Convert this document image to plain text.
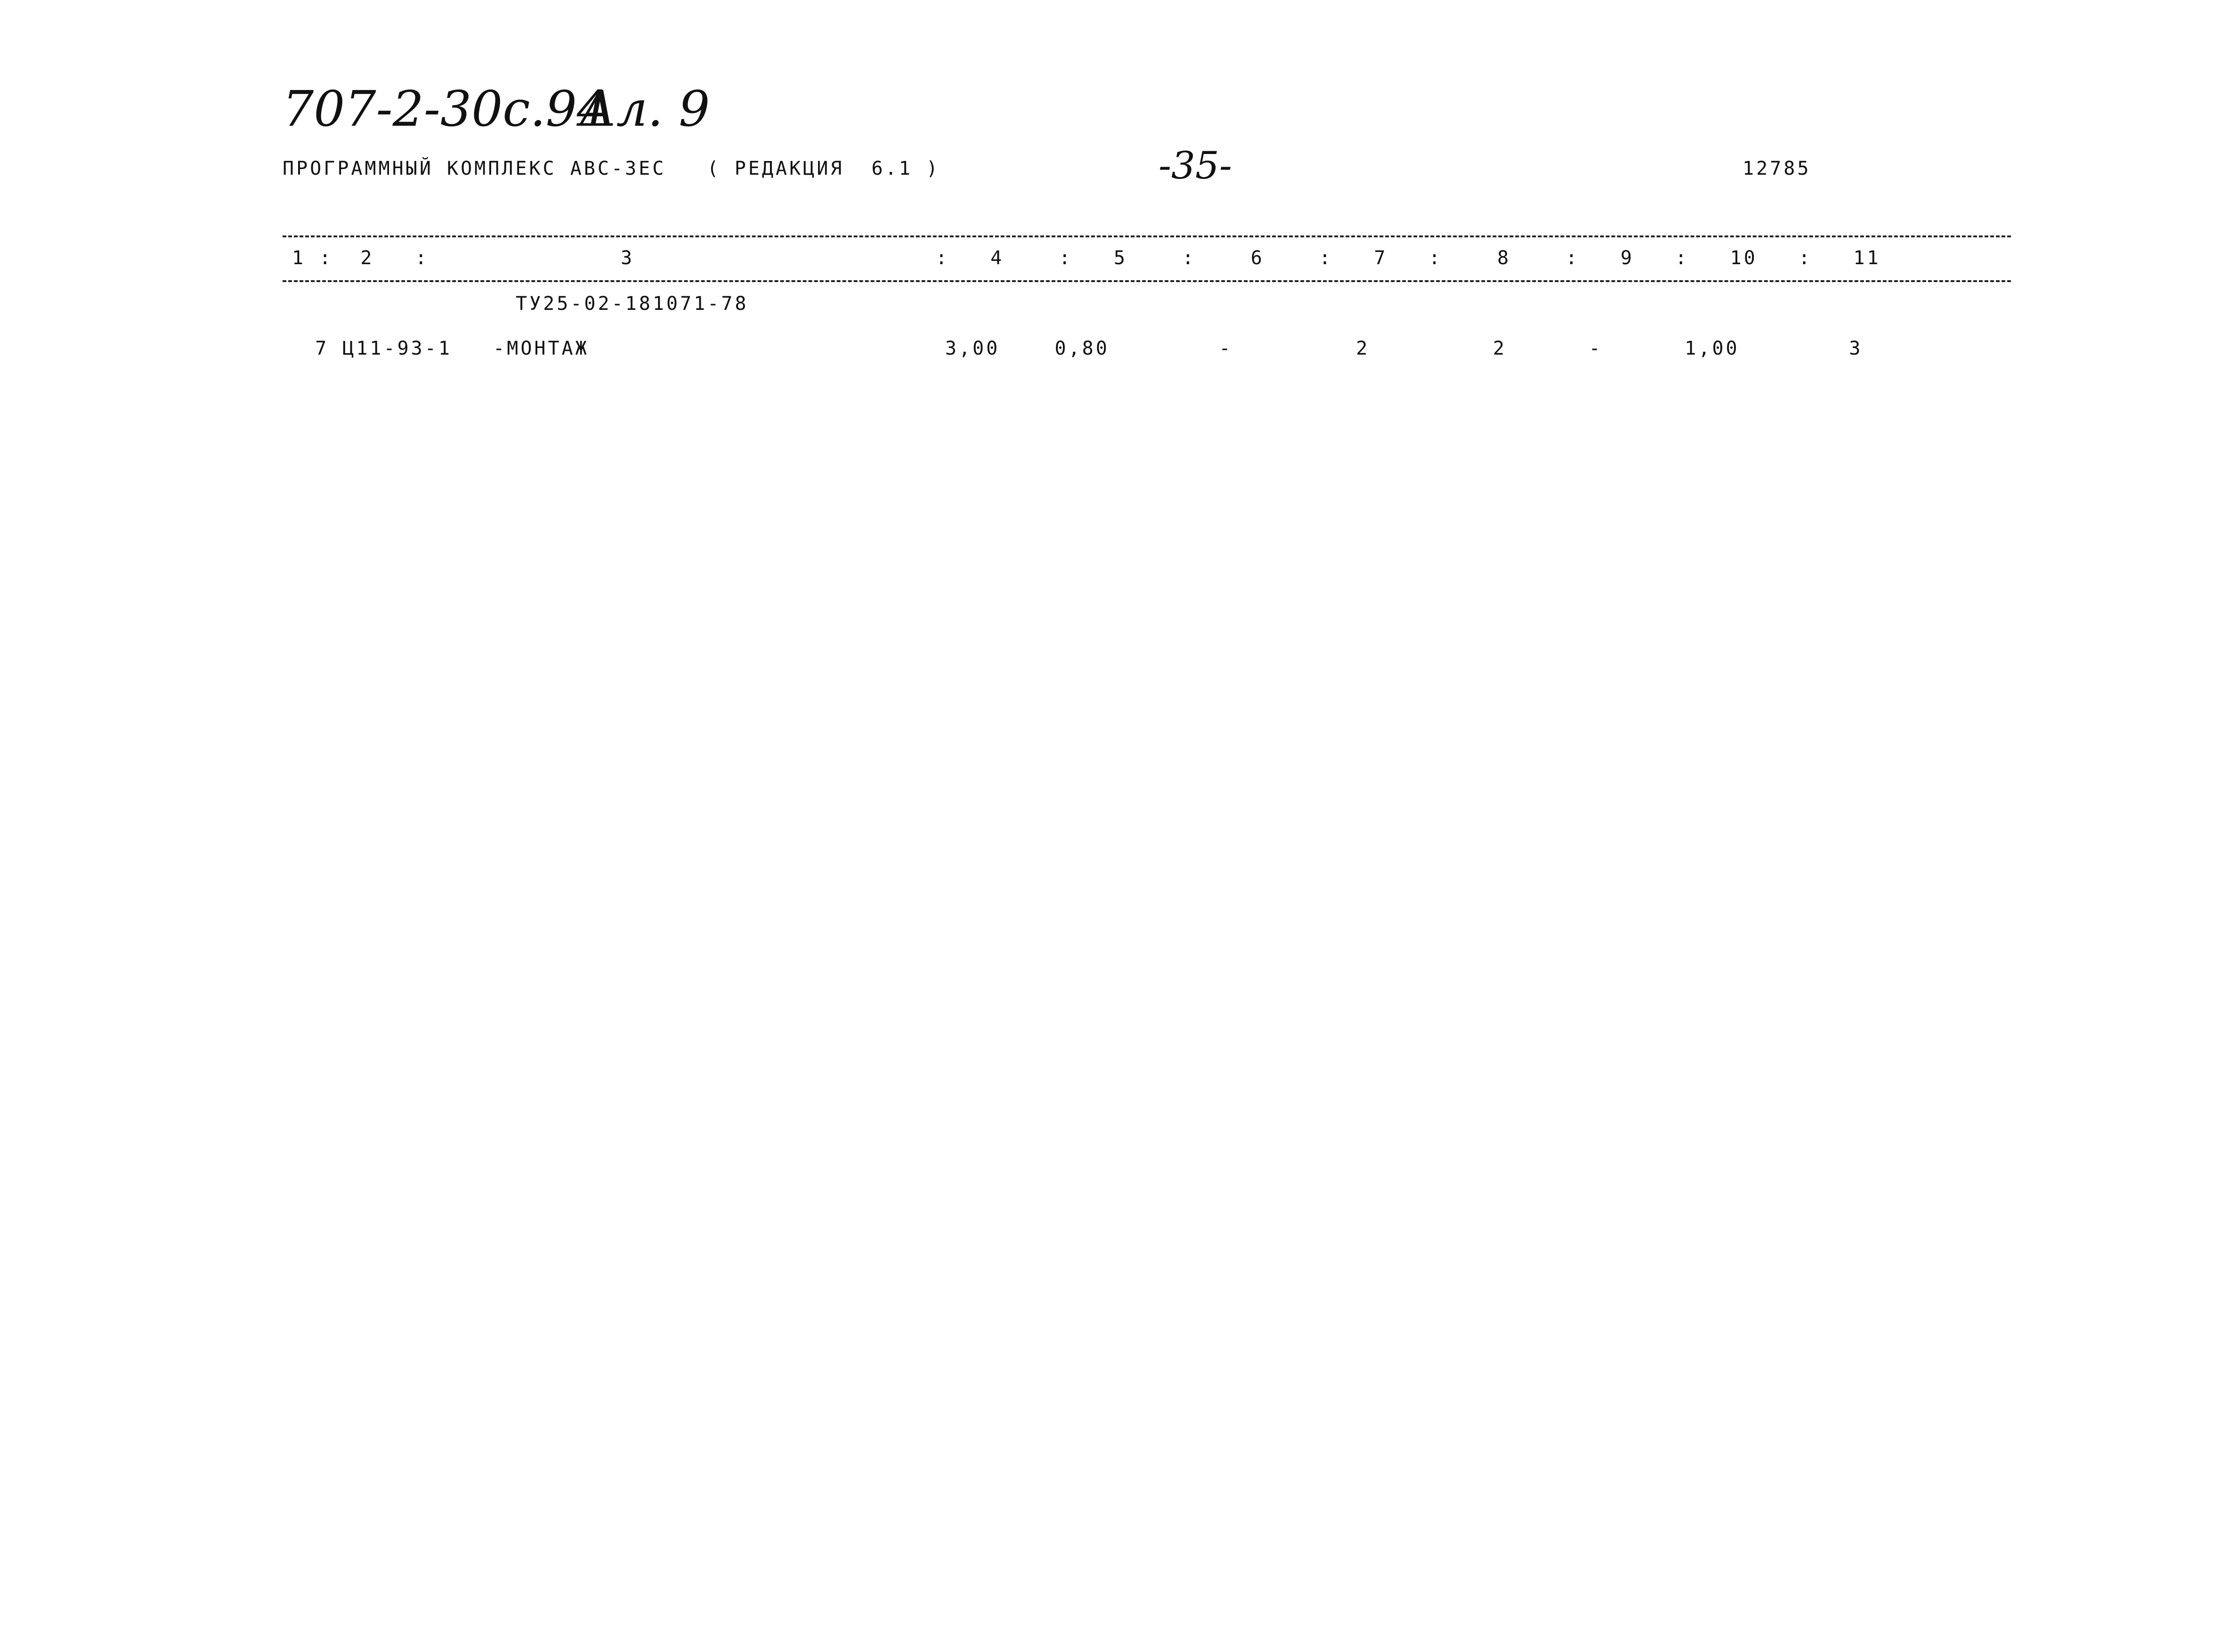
707-2-30с.94
Ал. 9
ПРОГРАММНЫЙ КОМПЛЕКС АВС-3ЕС   ( РЕДАКЦИЯ  6.1 )	-35-	12785
1 :  2   :              3                      :   4    :   5    :    6    :   7   :    8    :   9   :   10   :   11
ТУ25-02-181071-78
7 Ц11-93-1   -МОНТАЖ                          3,00    0,80        -         2         2      -      1,00        3
